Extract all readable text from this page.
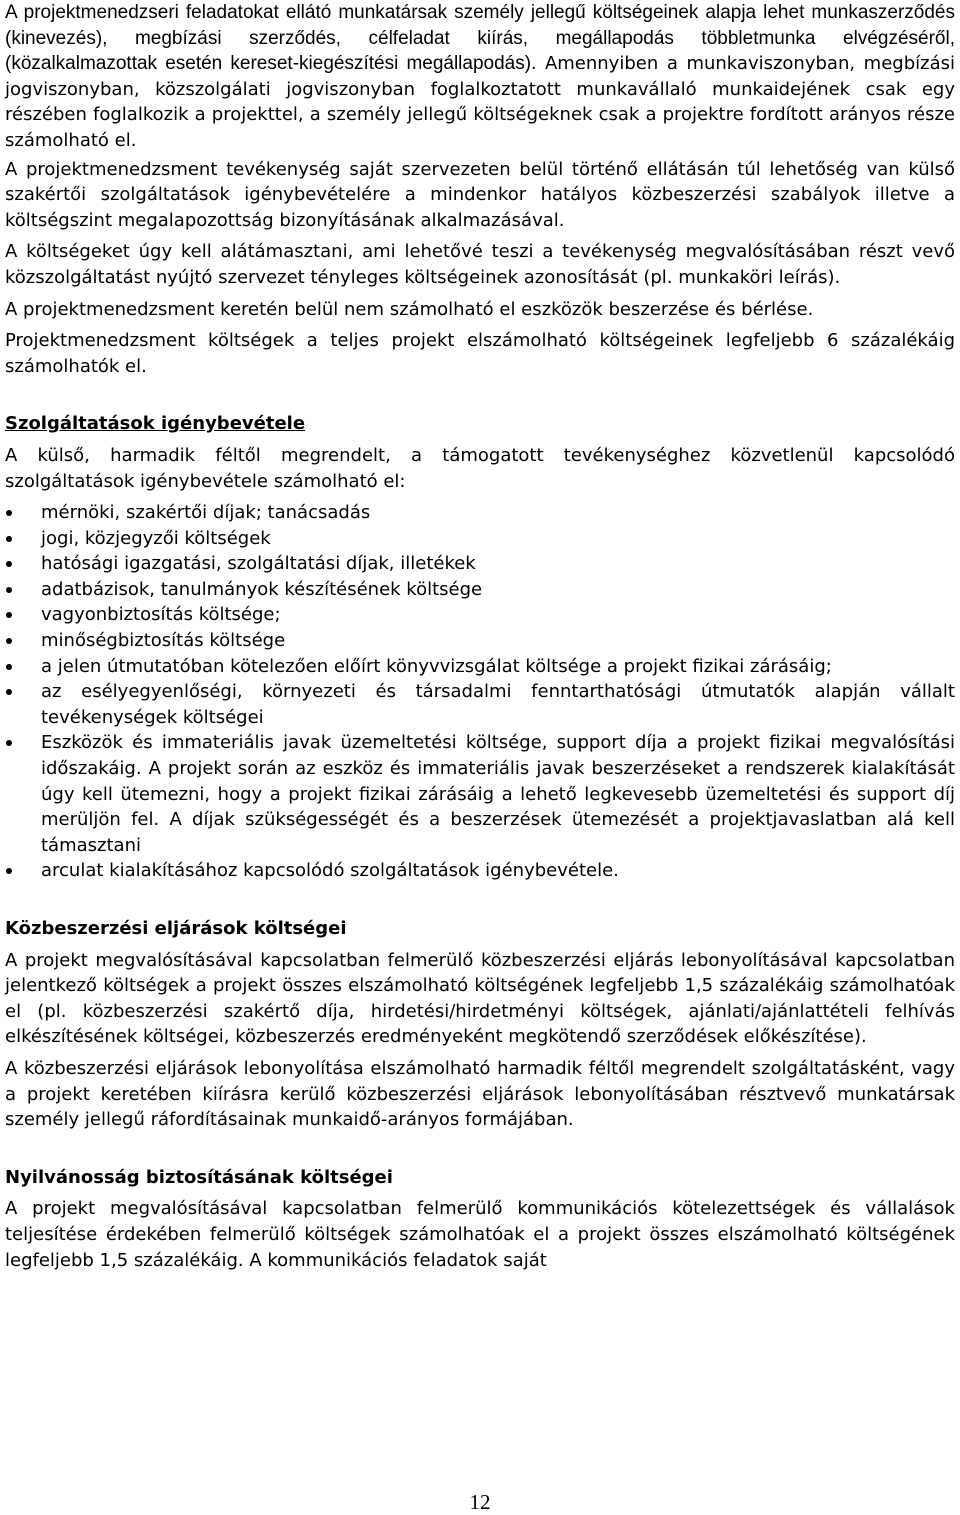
A projektmenedzseri feladatokat ellátó munkatársak személy jellegű költségeinek alapja lehet munkaszerződés (kinevezés), megbízási szerződés, célfeladat kiírás, megállapodás többletmunka elvégzéséről, (közalkalmazottak esetén kereset-kiegészítési megállapodás). Amennyiben a munkaviszonyban, megbízási jogviszonyban, közszolgálati jogviszonyban foglalkoztatott munkavállaló munkaidejének csak egy részében foglalkozik a projekttel, a személy jellegű költségeknek csak a projektre fordított arányos része számolható el.

A projektmenedzsment tevékenység saját szervezeten belül történő ellátásán túl lehetőség van külső szakértői szolgáltatások igénybevételére a mindenkor hatályos közbeszerzési szabályok illetve a költségszint megalapozottság bizonyításának alkalmazásával.

A költségeket úgy kell alátámasztani, ami lehetővé teszi a tevékenység megvalósításában részt vevő közszolgáltatást nyújtó szervezet tényleges költségeinek azonosítását (pl. munkaköri leírás).

A projektmenedzsment keretén belül nem számolható el eszközök beszerzése és bérlése.

Projektmenedzsment költségek a teljes projekt elszámolható költségeinek legfeljebb 6 százalékáig számolhatók el.

Szolgáltatások igénybevétele

A külső, harmadik féltől megrendelt, a támogatott tevékenységhez közvetlenül kapcsolódó szolgáltatások igénybevétele számolható el:

mérnöki, szakértői díjak; tanácsadás
jogi, közjegyzői költségek
hatósági igazgatási, szolgáltatási díjak, illetékek
adatbázisok, tanulmányok készítésének költsége
vagyonbiztosítás költsége;
minőségbiztosítás költsége
a jelen útmutatóban kötelezően előírt könyvvizsgálat költsége a projekt fizikai zárásáig;
az esélyegyenlőségi, környezeti és társadalmi fenntarthatósági útmutatók alapján vállalt tevékenységek költségei
Eszközök és immateriális javak üzemeltetési költsége, support díja a projekt fizikai megvalósítási időszakáig. A projekt során az eszköz és immateriális javak beszerzéseket a rendszerek kialakítását úgy kell ütemezni, hogy a projekt fizikai zárásáig a lehető legkevesebb üzemeltetési és support díj merüljön fel. A díjak szükségességét és a beszerzések ütemezését a projektjavaslatban alá kell támasztani
arculat kialakításához kapcsolódó szolgáltatások igénybevétele.

Közbeszerzési eljárások költségei

A projekt megvalósításával kapcsolatban felmerülő közbeszerzési eljárás lebonyolításával kapcsolatban jelentkező költségek a projekt összes elszámolható költségének legfeljebb 1,5 százalékáig számolhatóak el (pl. közbeszerzési szakértő díja, hirdetési/hirdetményi költségek, ajánlati/ajánlattételi felhívás elkészítésének költségei, közbeszerzés eredményeként megkötendő szerződések előkészítése).

A közbeszerzési eljárások lebonyolítása elszámolható harmadik féltől megrendelt szolgáltatásként, vagy a projekt keretében kiírásra kerülő közbeszerzési eljárások lebonyolításában résztvevő munkatársak személy jellegű ráfordításainak munkaidő-arányos formájában.

Nyilvánosság biztosításának költségei

A projekt megvalósításával kapcsolatban felmerülő kommunikációs kötelezettségek és vállalások teljesítése érdekében felmerülő költségek számolhatóak el a projekt összes elszámolható költségének legfeljebb 1,5 százalékáig. A kommunikációs feladatok saját

12
